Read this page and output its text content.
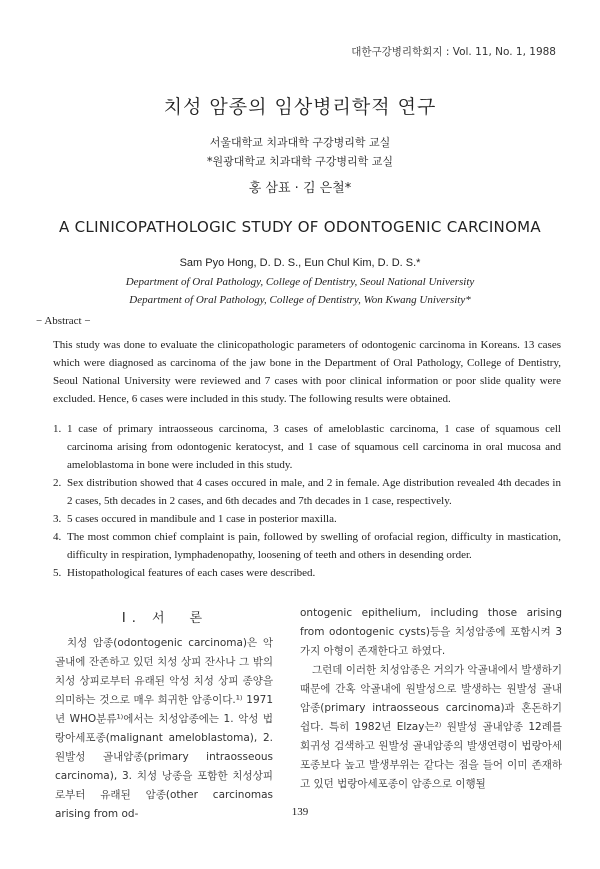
대한구강병리학회지 : Vol. 11, No. 1, 1988
치성 암종의 임상병리학적 연구
서울대학교 치과대학 구강병리학 교실
*원광대학교 치과대학 구강병리학 교실
홍 삼표 · 김 은철*
A CLINICOPATHOLOGIC STUDY OF ODONTOGENIC CARCINOMA
Sam Pyo Hong, D. D. S., Eun Chul Kim, D. D. S.*
Department of Oral Pathology, College of Dentistry, Seoul National University
Department of Oral Pathology, College of Dentistry, Won Kwang University*
− Abstract −

This study was done to evaluate the clinicopathologic parameters of odontogenic carcinoma in Koreans. 13 cases which were diagnosed as carcinoma of the jaw bone in the Department of Oral Pathology, College of Dentistry, Seoul National University were reviewed and 7 cases with poor clinical information or poor slide quality were excluded. Hence, 6 cases were included in this study. The following results were obtained.

1. 1 case of primary intraosseous carcinoma, 3 cases of ameloblastic carcinoma, 1 case of squamous cell carcinoma arising from odontogenic keratocyst, and 1 case of squamous cell carcinoma in oral mucosa and ameloblastoma in bone were included in this study.
2. Sex distribution showed that 4 cases occured in male, and 2 in female. Age distribution revealed 4th decades in 2 cases, 5th decades in 2 cases, and 6th decades and 7th decades in 1 case, respectively.
3. 5 cases occured in mandibule and 1 case in posterior maxilla.
4. The most common chief complaint is pain, followed by swelling of orofacial region, difficulty in mastication, difficulty in respiration, lymphadenopathy, loosening of teeth and others in desending order.
5. Histopathological features of each cases were described.
Ⅰ. 서　론

치성 암종(odontogenic carcinoma)은 악골내에 잔존하고 있던 치성 상피 잔사나 그 밖의 치성 상피로부터 유래된 악성 치성 상피 종양을 의미하는 것으로 매우 희귀한 암종이다.¹⁾ 1971년 WHO분류¹⁾에서는 치성암종에는 1. 악성 법랑아세포종(malignant ameloblastoma), 2. 원발성 골내암종(primary intraosseous carcinoma), 3. 치성 낭종을 포함한 치성상피로부터 유래된 암종(other carcinomas arising from od-

ontogenic epithelium, including those arising from odontogenic cysts)등을 치성암종에 포함시켜 3가지 아형이 존재한다고 하였다.

그런데 이러한 치성암종은 거의가 악골내에서 발생하기 때문에 간혹 악골내에 원발성으로 발생하는 원발성 골내암종(primary intraosseous carcinoma)과 혼돈하기 쉽다. 특히 1982년 Elzay는²⁾ 원발성 골내암종 12례를 회귀성 검색하고 원발성 골내암종의 발생연령이 법랑아세포종보다 높고 발생부위는 같다는 점을 들어 이미 존재하고 있던 법랑아세포종이 암종으로 이행될

139
